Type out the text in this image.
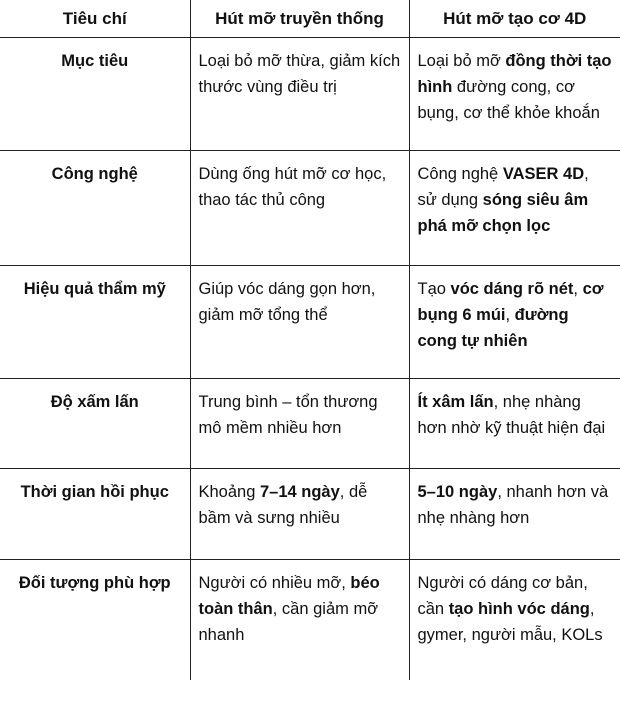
Tiêu chí	Hút mỡ truyền thống	Hút mỡ tạo cơ 4D
Mục tiêu	Loại bỏ mỡ thừa, giảm kích thước vùng điều trị	Loại bỏ mỡ đồng thời tạo hình đường cong, cơ bụng, cơ thể khỏe khoắn
Công nghệ	Dùng ống hút mỡ cơ học, thao tác thủ công	Công nghệ VASER 4D, sử dụng sóng siêu âm phá mỡ chọn lọc
Hiệu quả thẩm mỹ	Giúp vóc dáng gọn hơn, giảm mỡ tổng thể	Tạo vóc dáng rõ nét, cơ bụng 6 múi, đường cong tự nhiên
Độ xấm lấn	Trung bình – tổn thương mô mềm nhiều hơn	Ít xâm lấn, nhẹ nhàng hơn nhờ kỹ thuật hiện đại
Thời gian hồi phục	Khoảng 7–14 ngày, dễ bầm và sưng nhiều	5–10 ngày, nhanh hơn và nhẹ nhàng hơn
Đối tượng phù hợp	Người có nhiều mỡ, béo toàn thân, cần giảm mỡ nhanh	Người có dáng cơ bản, cần tạo hình vóc dáng, gymer, người mẫu, KOLs
